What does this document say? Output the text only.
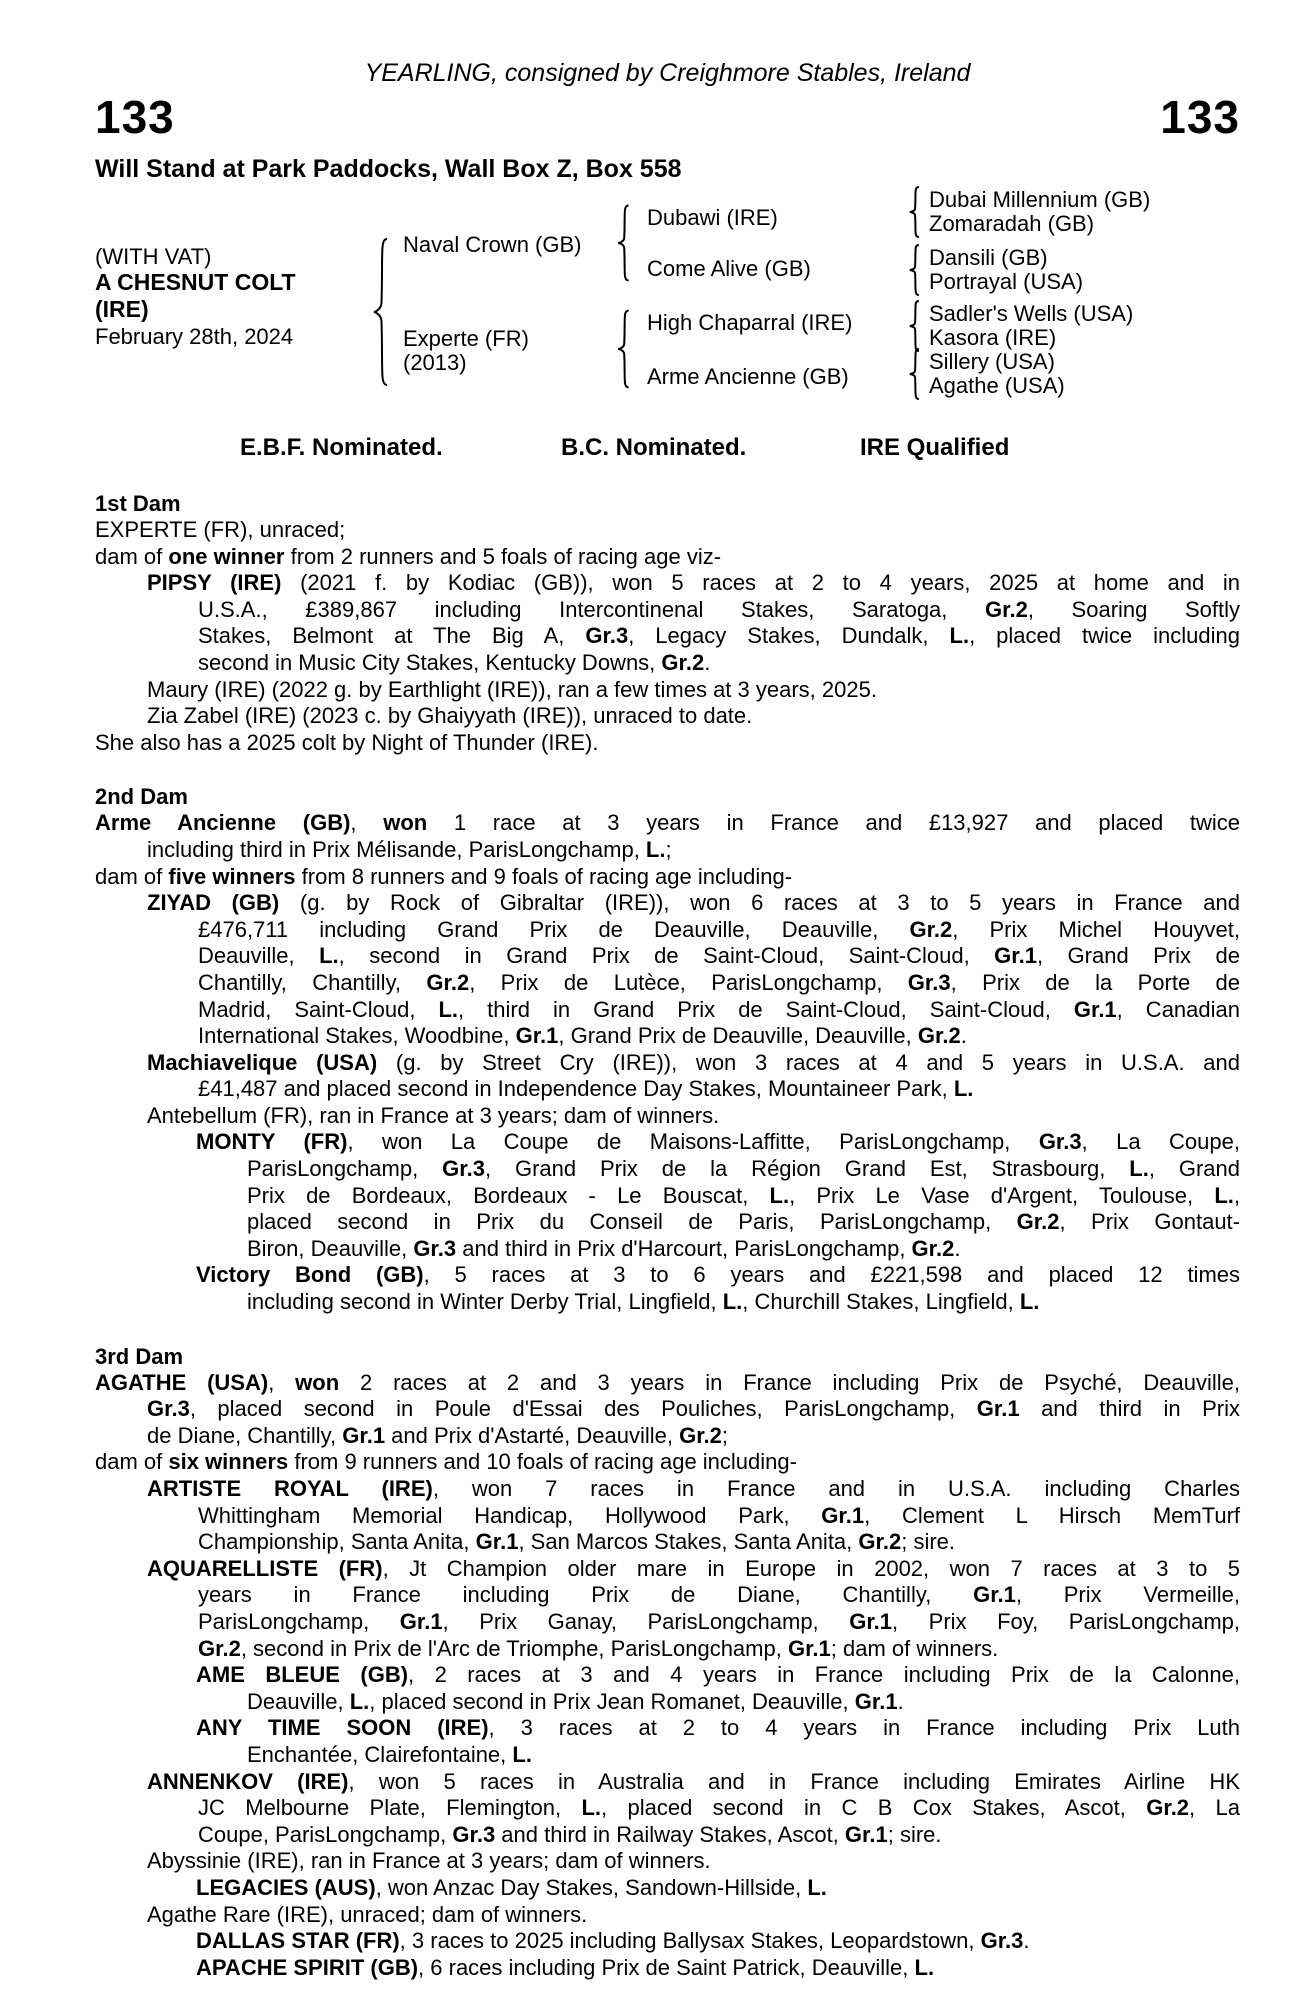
YEARLING, consigned by Creighmore Stables, Ireland
133	133
Will Stand at Park Paddocks, Wall Box Z, Box 558
(WITH VAT)
A CHESNUT COLT
(IRE)
February 28th, 2024
Naval Crown (GB)
Experte (FR)
(2013)
Dubawi (IRE)
Come Alive (GB)
High Chaparral (IRE)
Arme Ancienne (GB)
Dubai Millennium (GB)
Zomaradah (GB)
Dansili (GB)
Portrayal (USA)
Sadler's Wells (USA)
Kasora (IRE)
Sillery (USA)
Agathe (USA)
E.B.F. Nominated.	B.C. Nominated.	IRE Qualified
1st Dam
EXPERTE (FR), unraced;
dam of one winner from 2 runners and 5 foals of racing age viz-
PIPSY (IRE) (2021 f. by Kodiac (GB)), won 5 races at 2 to 4 years, 2025 at home and in
U.S.A., £389,867 including Intercontinenal Stakes, Saratoga, Gr.2, Soaring Softly
Stakes, Belmont at The Big A, Gr.3, Legacy Stakes, Dundalk, L., placed twice including
second in Music City Stakes, Kentucky Downs, Gr.2.
Maury (IRE) (2022 g. by Earthlight (IRE)), ran a few times at 3 years, 2025.
Zia Zabel (IRE) (2023 c. by Ghaiyyath (IRE)), unraced to date.
She also has a 2025 colt by Night of Thunder (IRE).
2nd Dam
Arme Ancienne (GB), won 1 race at 3 years in France and £13,927 and placed twice
including third in Prix Mélisande, ParisLongchamp, L.;
dam of five winners from 8 runners and 9 foals of racing age including-
ZIYAD (GB) (g. by Rock of Gibraltar (IRE)), won 6 races at 3 to 5 years in France and
£476,711 including Grand Prix de Deauville, Deauville, Gr.2, Prix Michel Houyvet,
Deauville, L., second in Grand Prix de Saint-Cloud, Saint-Cloud, Gr.1, Grand Prix de
Chantilly, Chantilly, Gr.2, Prix de Lutèce, ParisLongchamp, Gr.3, Prix de la Porte de
Madrid, Saint-Cloud, L., third in Grand Prix de Saint-Cloud, Saint-Cloud, Gr.1, Canadian
International Stakes, Woodbine, Gr.1, Grand Prix de Deauville, Deauville, Gr.2.
Machiavelique (USA) (g. by Street Cry (IRE)), won 3 races at 4 and 5 years in U.S.A. and
£41,487 and placed second in Independence Day Stakes, Mountaineer Park, L.
Antebellum (FR), ran in France at 3 years; dam of winners.
MONTY (FR), won La Coupe de Maisons-Laffitte, ParisLongchamp, Gr.3, La Coupe,
ParisLongchamp, Gr.3, Grand Prix de la Région Grand Est, Strasbourg, L., Grand
Prix de Bordeaux, Bordeaux - Le Bouscat, L., Prix Le Vase d'Argent, Toulouse, L.,
placed second in Prix du Conseil de Paris, ParisLongchamp, Gr.2, Prix Gontaut-
Biron, Deauville, Gr.3 and third in Prix d'Harcourt, ParisLongchamp, Gr.2.
Victory Bond (GB), 5 races at 3 to 6 years and £221,598 and placed 12 times
including second in Winter Derby Trial, Lingfield, L., Churchill Stakes, Lingfield, L.
3rd Dam
AGATHE (USA), won 2 races at 2 and 3 years in France including Prix de Psyché, Deauville,
Gr.3, placed second in Poule d'Essai des Pouliches, ParisLongchamp, Gr.1 and third in Prix
de Diane, Chantilly, Gr.1 and Prix d'Astarté, Deauville, Gr.2;
dam of six winners from 9 runners and 10 foals of racing age including-
ARTISTE ROYAL (IRE), won 7 races in France and in U.S.A. including Charles
Whittingham Memorial Handicap, Hollywood Park, Gr.1, Clement L Hirsch MemTurf
Championship, Santa Anita, Gr.1, San Marcos Stakes, Santa Anita, Gr.2; sire.
AQUARELLISTE (FR), Jt Champion older mare in Europe in 2002, won 7 races at 3 to 5
years in France including Prix de Diane, Chantilly, Gr.1, Prix Vermeille,
ParisLongchamp, Gr.1, Prix Ganay, ParisLongchamp, Gr.1, Prix Foy, ParisLongchamp,
Gr.2, second in Prix de l'Arc de Triomphe, ParisLongchamp, Gr.1; dam of winners.
AME BLEUE (GB), 2 races at 3 and 4 years in France including Prix de la Calonne,
Deauville, L., placed second in Prix Jean Romanet, Deauville, Gr.1.
ANY TIME SOON (IRE), 3 races at 2 to 4 years in France including Prix Luth
Enchantée, Clairefontaine, L.
ANNENKOV (IRE), won 5 races in Australia and in France including Emirates Airline HK
JC Melbourne Plate, Flemington, L., placed second in C B Cox Stakes, Ascot, Gr.2, La
Coupe, ParisLongchamp, Gr.3 and third in Railway Stakes, Ascot, Gr.1; sire.
Abyssinie (IRE), ran in France at 3 years; dam of winners.
LEGACIES (AUS), won Anzac Day Stakes, Sandown-Hillside, L.
Agathe Rare (IRE), unraced; dam of winners.
DALLAS STAR (FR), 3 races to 2025 including Ballysax Stakes, Leopardstown, Gr.3.
APACHE SPIRIT (GB), 6 races including Prix de Saint Patrick, Deauville, L.
